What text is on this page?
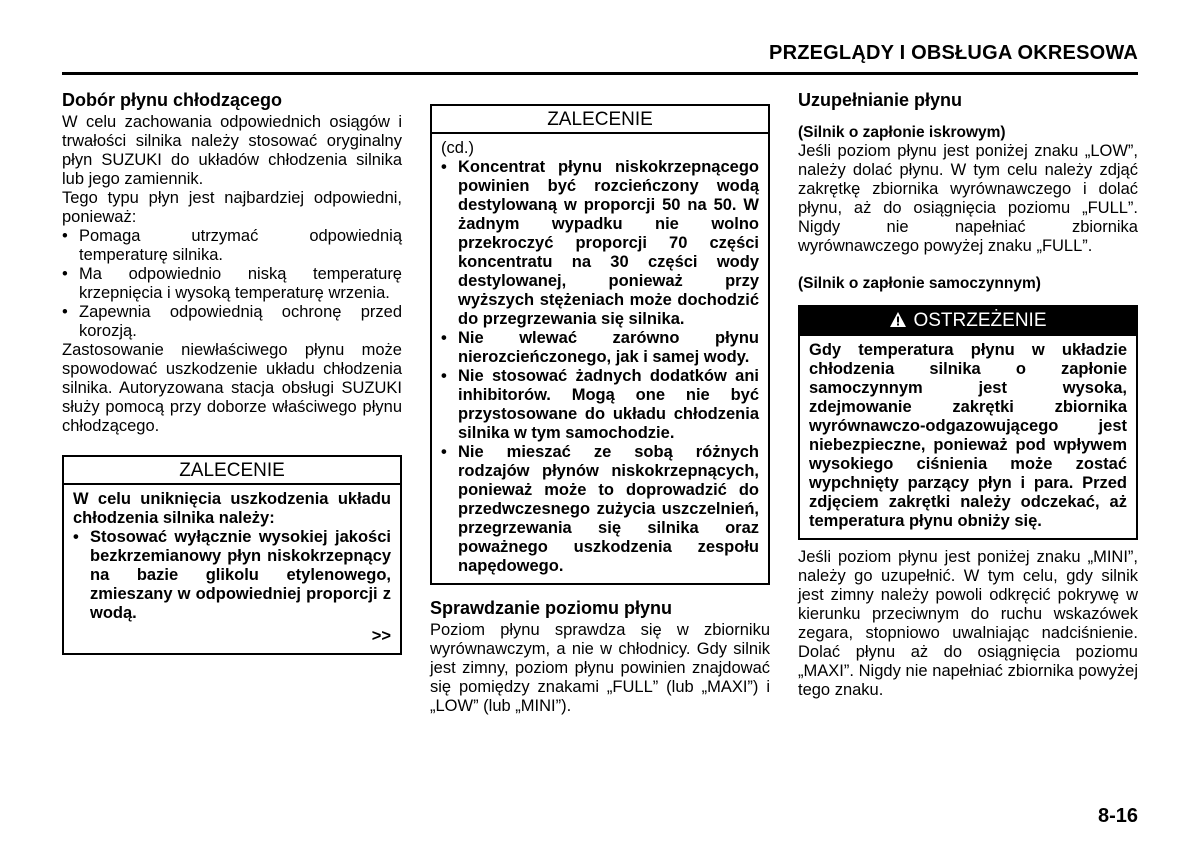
PRZEGLĄDY I OBSŁUGA OKRESOWA
Dobór płynu chłodzącego

W celu zachowania odpowiednich osiągów i trwałości silnika należy stosować oryginalny płyn SUZUKI do układów chłodzenia silnika lub jego zamiennik.

Tego typu płyn jest najbardziej odpowiedni, ponieważ:

• Pomaga utrzymać odpowiednią temperaturę silnika.
• Ma odpowiednio niską temperaturę krzepnięcia i wysoką temperaturę wrzenia.
• Zapewnia odpowiednią ochronę przed korozją.

Zastosowanie niewłaściwego płynu może spowodować uszkodzenie układu chłodzenia silnika. Autoryzowana stacja obsługi SUZUKI służy pomocą przy doborze właściwego płynu chłodzącego.

ZALECENIE

W celu uniknięcia uszkodzenia układu chłodzenia silnika należy:

• Stosować wyłącznie wysokiej jakości bezkrzemianowy płyn niskokrzepnący na bazie glikolu etylenowego, zmieszany w odpowiedniej proporcji z wodą.
>>
ZALECENIE

(cd.)

• Koncentrat płynu niskokrzepnącego powinien być rozcieńczony wodą destylowaną w proporcji 50 na 50. W żadnym wypadku nie wolno przekroczyć proporcji 70 części koncentratu na 30 części wody destylowanej, ponieważ przy wyższych stężeniach może dochodzić do przegrzewania się silnika.
• Nie wlewać zarówno płynu nierozcieńczonego, jak i samej wody.
• Nie stosować żadnych dodatków ani inhibitorów. Mogą one nie być przystosowane do układu chłodzenia silnika w tym samochodzie.
• Nie mieszać ze sobą różnych rodzajów płynów niskokrzepnących, ponieważ może to doprowadzić do przedwczesnego zużycia uszczelnień, przegrzewania się silnika oraz poważnego uszkodzenia zespołu napędowego.
Sprawdzanie poziomu płynu

Poziom płynu sprawdza się w zbiorniku wyrównawczym, a nie w chłodnicy. Gdy silnik jest zimny, poziom płynu powinien znajdować się pomiędzy znakami „FULL” (lub „MAXI”) i „LOW” (lub „MINI”).

Uzupełnianie płynu

(Silnik o zapłonie iskrowym)

Jeśli poziom płynu jest poniżej znaku „LOW”, należy dolać płynu. W tym celu należy zdjąć zakrętkę zbiornika wyrównawczego i dolać płynu, aż do osiągnięcia poziomu „FULL”. Nigdy nie napełniać zbiornika wyrównawczego powyżej znaku „FULL”.

(Silnik o zapłonie samoczynnym)

OSTRZEŻENIE

Gdy temperatura płynu w układzie chłodzenia silnika o zapłonie samoczynnym jest wysoka, zdejmowanie zakrętki zbiornika wyrównawczo-odgazowującego jest niebezpieczne, ponieważ pod wpływem wysokiego ciśnienia może zostać wypchnięty parzący płyn i para. Przed zdjęciem zakrętki należy odczekać, aż temperatura płynu obniży się.

Jeśli poziom płynu jest poniżej znaku „MINI”, należy go uzupełnić. W tym celu, gdy silnik jest zimny należy powoli odkręcić pokrywę w kierunku przeciwnym do ruchu wskazówek zegara, stopniowo uwalniając nadciśnienie. Dolać płynu aż do osiągnięcia poziomu „MAXI”. Nigdy nie napełniać zbiornika powyżej tego znaku.

8-16
